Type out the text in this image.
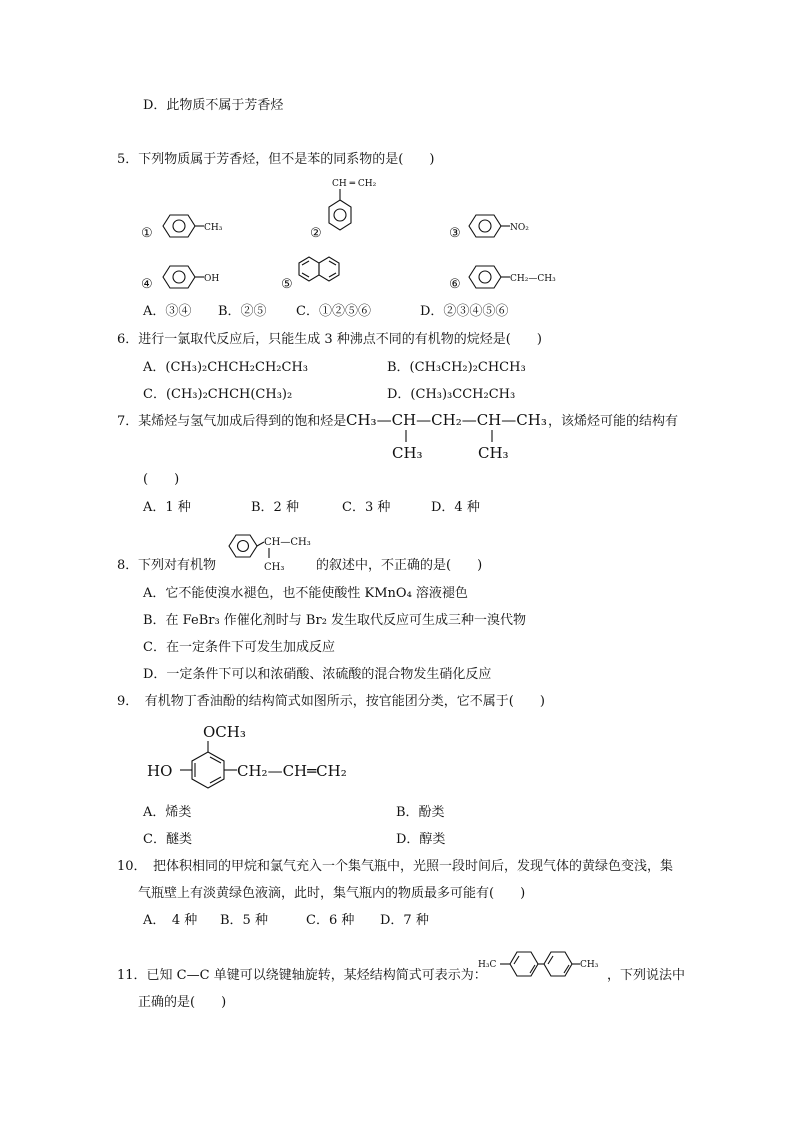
D．此物质不属于芳香烃
5．下列物质属于芳香烃，但不是苯的同系物的是(　　)
①	CH₃	②
CH ═ CH₂
③	NO₂
④	OH	⑤	⑥	CH₂—CH₃
A．③④ B．②⑤ C．①②⑤⑥	D．②③④⑤⑥
6．进行一氯取代反应后，只能生成 3 种沸点不同的有机物的烷烃是(　　)
A．(CH₃)₂CHCH₂CH₂CH₃	B．(CH₃CH₂)₂CHCH₃
C．(CH₃)₂CHCH(CH₃)₂	D．(CH₃)₃CCH₂CH₃
7．某烯烃与氢气加成后得到的饱和烃是 CH₃—CH—CH₂—CH—CH₃
CH₃	CH₃
，该烯烃可能的结构有
(　　)
A．1 种	B．2 种	C．3 种	D．4 种
8． 下列对有机物
CH—CH₃
CH₃ 的叙述中，不正确的是(　　)
A．它不能使溴水褪色，也不能使酸性 KMnO₄ 溶液褪色
B．在 FeBr₃ 作催化剂时与 Br₂ 发生取代反应可生成三种一溴代物
C．在一定条件下可发生加成反应
D．一定条件下可以和浓硝酸、浓硫酸的混合物发生硝化反应
9．　有机物丁香油酚的结构简式如图所示，按官能团分类，它不属于(　　)
OCH₃
HO	CH₂—CH═CH₂
A．烯类	B．酚类
C．醚类	D．醇类
10．　把体积相同的甲烷和氯气充入一个集气瓶中，光照一段时间后，发现气体的黄绿色变浅，集
气瓶壁上有淡黄绿色液滴，此时，集气瓶内的物质最多可能有(　　)
A．　4 种 B．5 种	C．6 种 D．7 种
11．已知 C—C 单键可以绕键轴旋转，某烃结构简式可表示为：
H₃C	CH₃
，下列说法中
正确的是(　　)
